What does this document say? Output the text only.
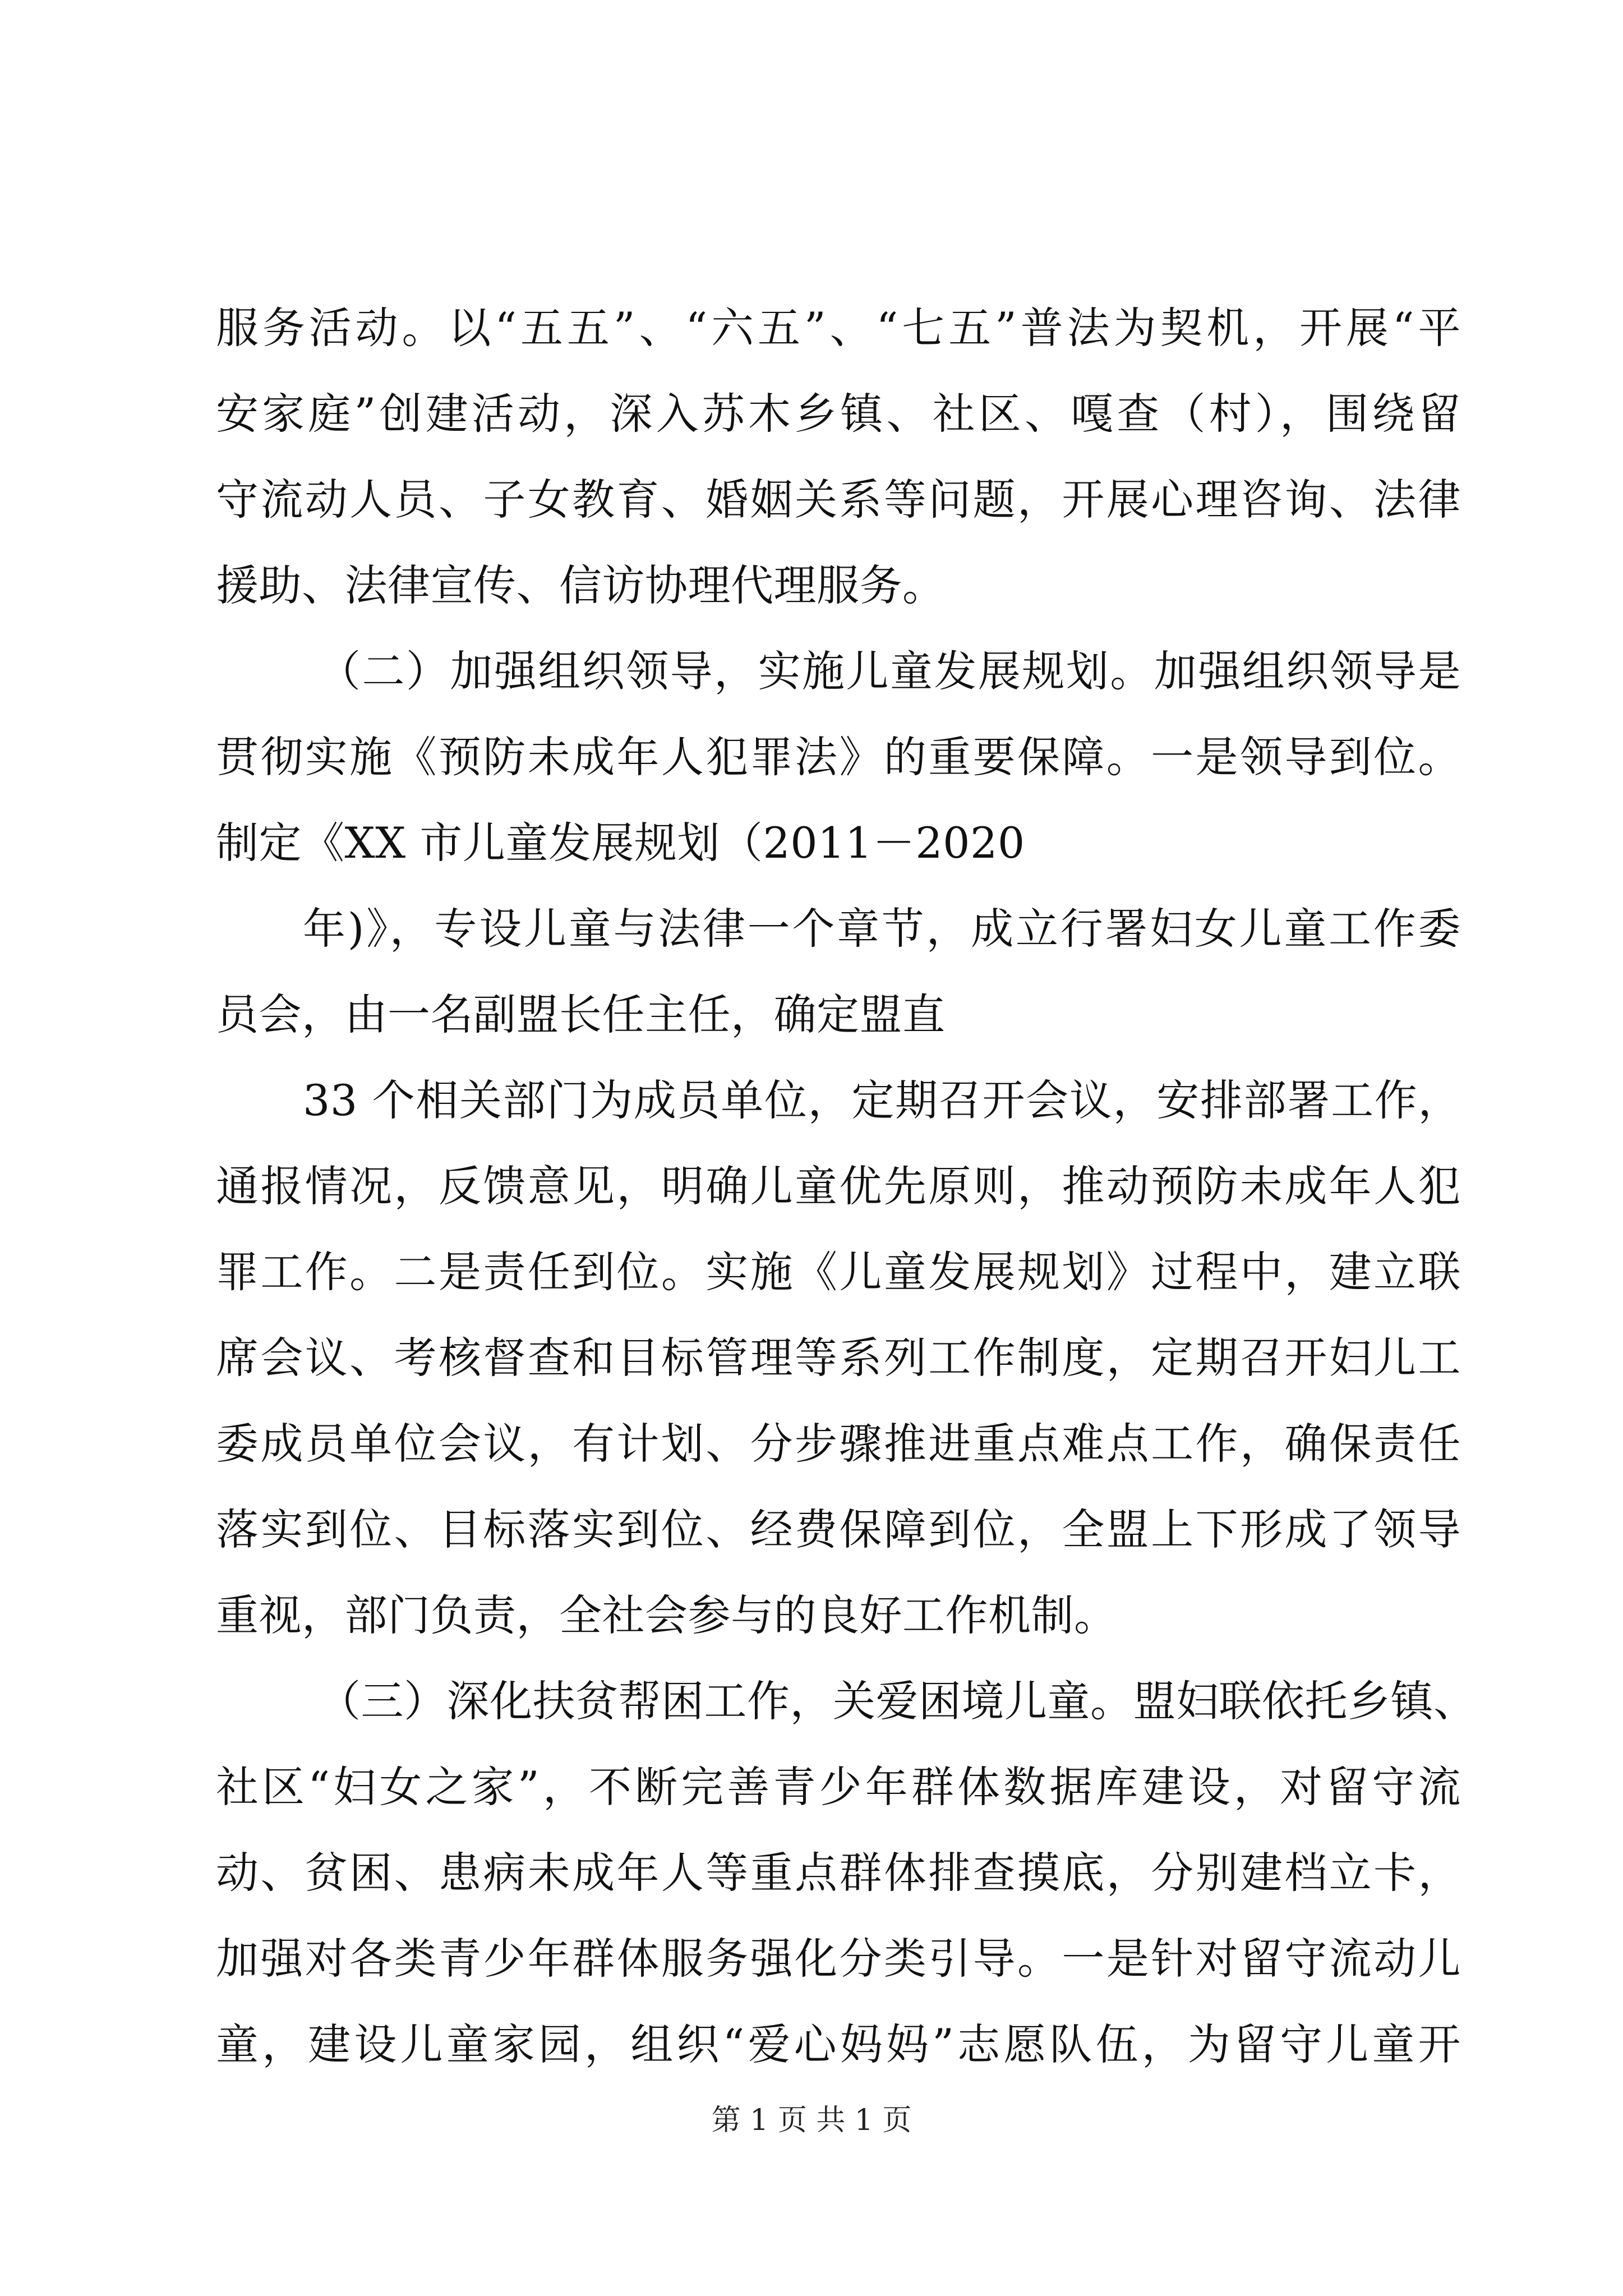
服务活动。以“五五”、“六五”、“七五”普法为契机，开展“平
安家庭”创建活动，深入苏木乡镇、社区、嘎查（村），围绕留
守流动人员、子女教育、婚姻关系等问题，开展心理咨询、法律
援助、法律宣传、信访协理代理服务。
（二）加强组织领导，实施儿童发展规划。加强组织领导是
贯彻实施《预防未成年人犯罪法》的重要保障。一是领导到位。
制定《XX 市儿童发展规划（2011－2020
年)》，专设儿童与法律一个章节，成立行署妇女儿童工作委
员会，由一名副盟长任主任，确定盟直
33 个相关部门为成员单位，定期召开会议，安排部署工作，
通报情况，反馈意见，明确儿童优先原则，推动预防未成年人犯
罪工作。二是责任到位。实施《儿童发展规划》过程中，建立联
席会议、考核督查和目标管理等系列工作制度，定期召开妇儿工
委成员单位会议，有计划、分步骤推进重点难点工作，确保责任
落实到位、目标落实到位、经费保障到位，全盟上下形成了领导
重视，部门负责，全社会参与的良好工作机制。
（三）深化扶贫帮困工作，关爱困境儿童。盟妇联依托乡镇、
社区“妇女之家”，不断完善青少年群体数据库建设，对留守流
动、贫困、患病未成年人等重点群体排查摸底，分别建档立卡，
加强对各类青少年群体服务强化分类引导。一是针对留守流动儿
童，建设儿童家园，组织“爱心妈妈”志愿队伍，为留守儿童开
第 1 页 共 1 页
